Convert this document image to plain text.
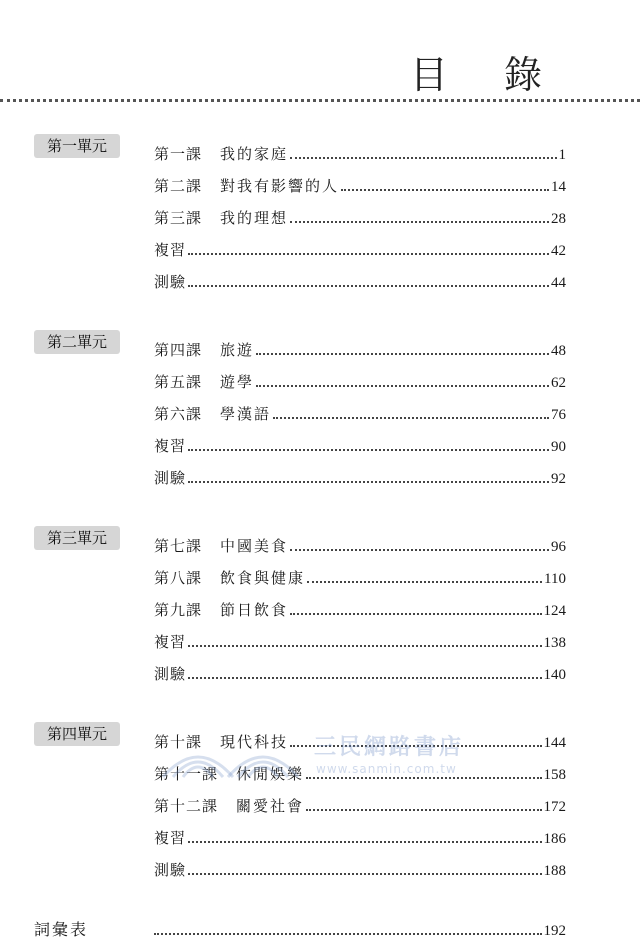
目 錄
第一單元	第一課 我的家庭	1
第二課 對我有影響的人	14
第三課 我的理想	28
複習	42
測驗	44
第二單元	第四課 旅遊	48
第五課 遊學	62
第六課 學漢語	76
複習	90
測驗	92
第三單元	第七課 中國美食	96
第八課 飲食與健康	110
第九課 節日飲食	124
複習	138
測驗	140
第四單元	第十課 現代科技	144
第十一課 休閒娛樂	158
第十二課 關愛社會	172
複習	186
測驗	188
詞彙表	192
三民網路書店
www.sanmin.com.tw
